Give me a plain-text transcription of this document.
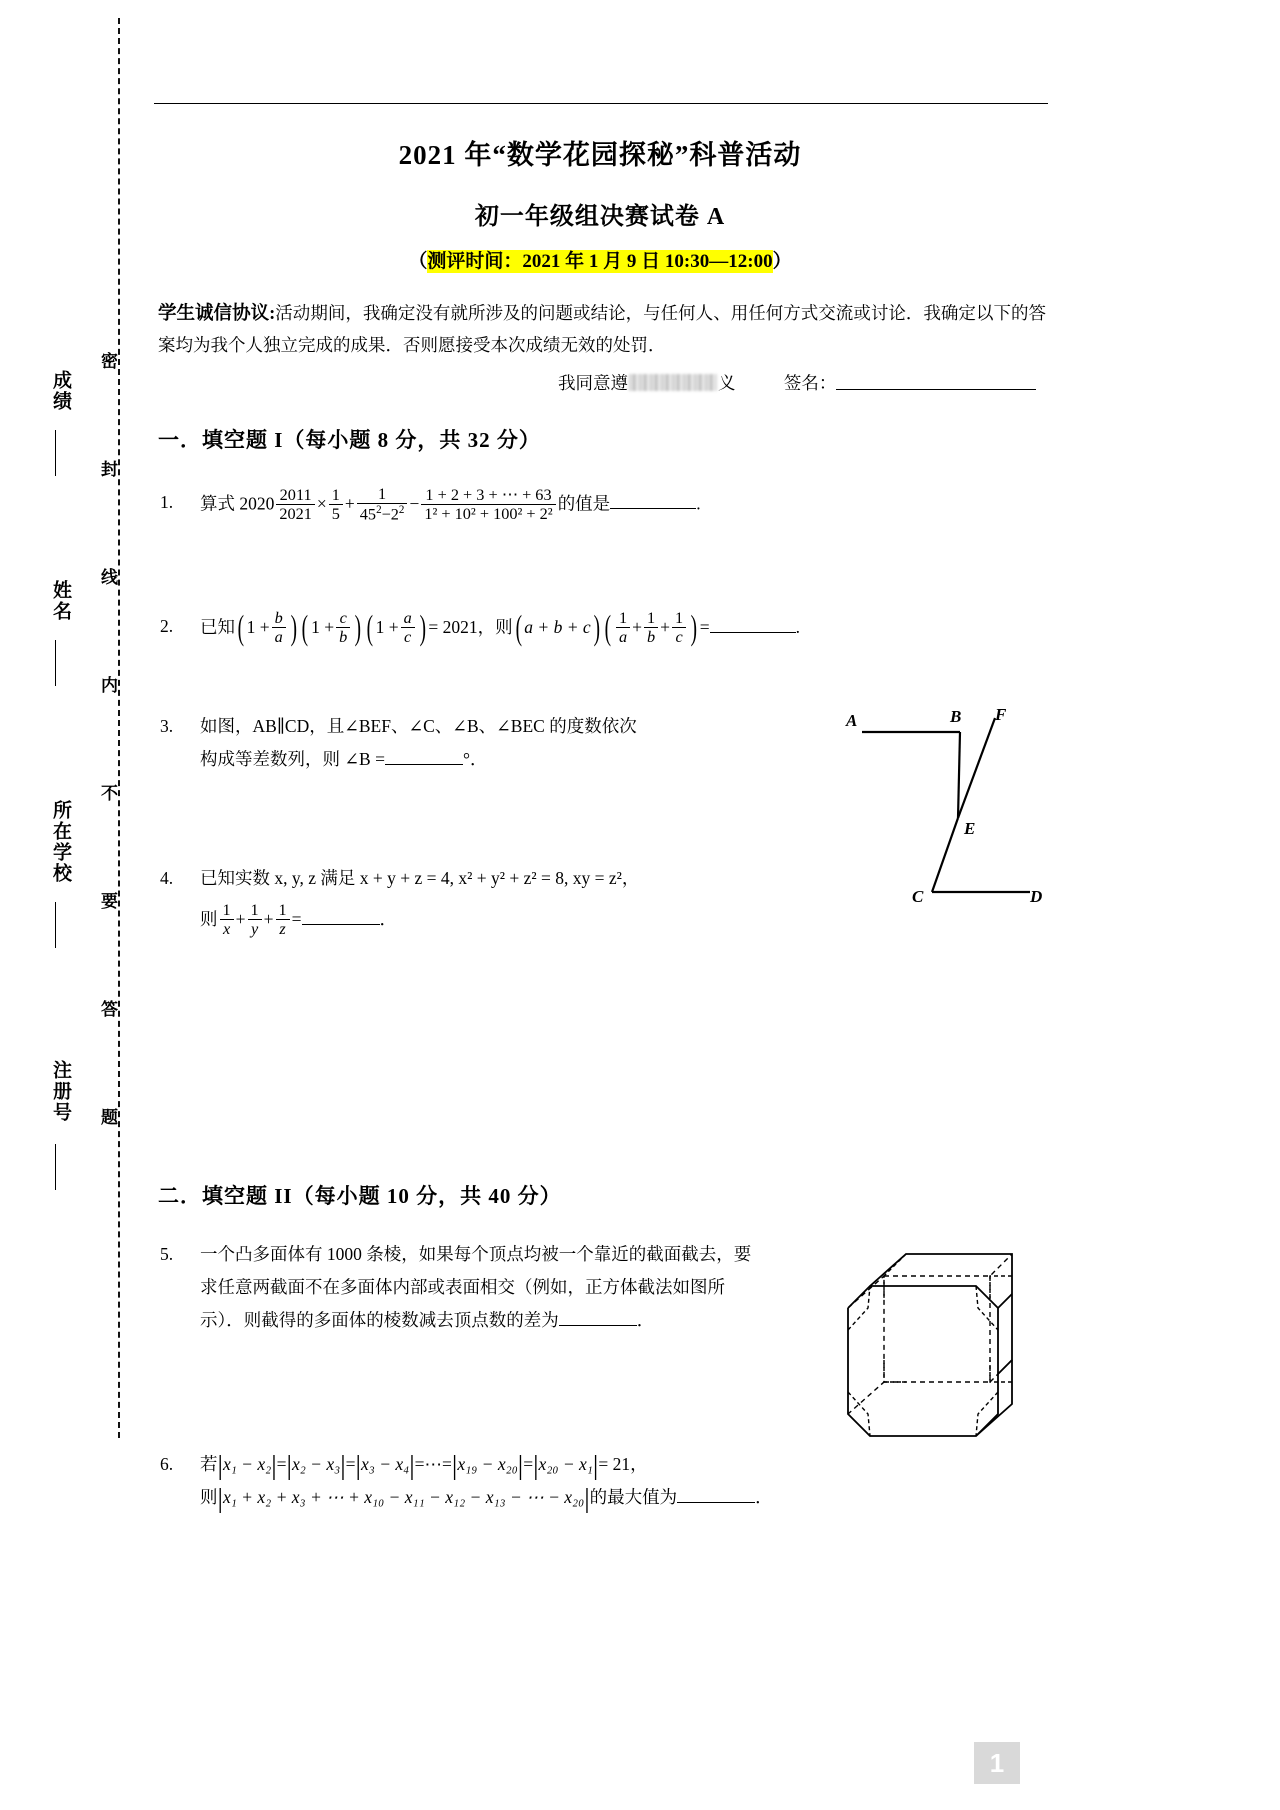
成绩
姓名
所在学校
注册号
密
封
线
内
不
要
答
题
2021 年“数学花园探秘”科普活动
初一年级组决赛试卷 A
（测评时间：2021 年 1 月 9 日 10:30—12:00）
学生诚信协议:活动期间，我确定没有就所涉及的问题或结论，与任何人、用任何方式交流或讨论．我确定以下的答案均为我个人独立完成的成果．否则愿接受本次成绩无效的处罚．
我同意遵	义	签名：
一．填空题 I（每小题 8 分，共 32 分）
1.	算式 $2020 \frac{2011}{2021} \times \frac{1}{5} + \frac{1}{45^2-2^2} - \frac{1 + 2 + 3 + \cdots + 63}{\text{1² + 10² + 100² + 2²}}$ 的值是	.
2.	已知( $1 + \frac{b}{a}$ ) ( $1 + \frac{c}{b}$ ) ( $1 + \frac{a}{c}$ ) = 2021，则( a + b + c) ( $\frac{1}{a} + \frac{1}{b} + \frac{1}{c}$ ) =	.
3.	如图，AB∥CD，且∠BEF、∠C、∠B、∠BEC 的度数依次
构成等差数列，则 ∠B =	°．
A	B F
E
C	D
4.	已知实数 x, y, z 满足 x + y + z = 4, x² + y² + z² = 8, xy = z²，
则 $\frac{1}{x} + \frac{1}{y} + \frac{1}{z}$ =	．
二．填空题 II（每小题 10 分，共 40 分）
5.	一个凸多面体有 1000 条棱，如果每个顶点均被一个靠近的截面截去，要
求任意两截面不在多面体内部或表面相交（例如，正方体截法如图所
示）．则截得的多面体的棱数减去顶点数的差为	．
6.	若|x₁ − x₂|=|x₂ − x₃|=|x₃ − x₄|=⋯=|x₁₉ − x₂₀|=|x₂₀ − x₁|= 21，
则|x₁ + x₂ + x₃ + ⋯ + x₁₀ − x₁₁ − x₁₂ − x₁₃ − ⋯ − x₂₀|的最大值为	．
1
